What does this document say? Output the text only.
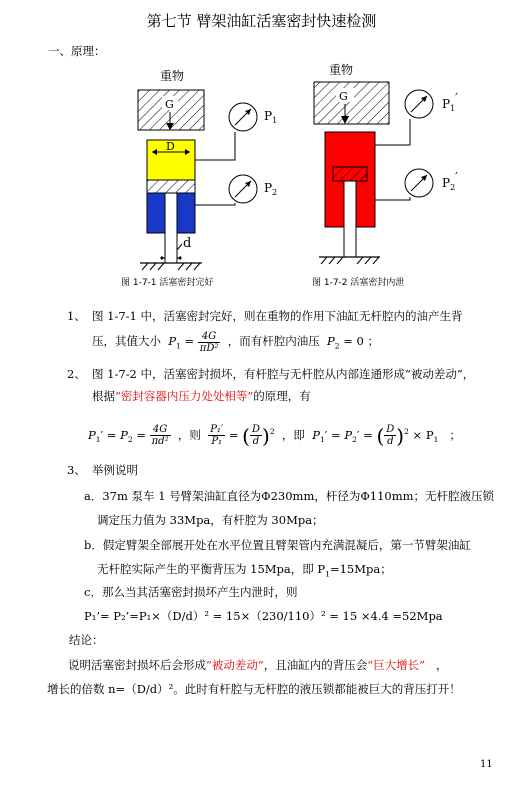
第七节 臂架油缸活塞密封快速检测
一、原理：
重物
G
D
d
$P_1$
$P_2$
图 1-7-1 活塞密封完好
重物
G
$P_1'$
$P_2'$
图 1-7-2 活塞密封内泄
1、 图 1-7-1 中，活塞密封完好，则在重物的作用下油缸无杆腔内的油产生背
压，其值大小 $P_1 = \frac{4G}{\text{πD²}}$ ，而有杆腔内油压 $P_2 = 0$ ；
2、 图 1-7-2 中，活塞密封损坏，有杆腔与无杆腔从内部连通形成“被动差动”，
根据“密封容器内压力处处相等”的原理，有
$P_1' = P_2 = \frac{4G}{\text{πd²}}$ ，则 $\frac{\text{P₁′}}{\text{P₁}}$ = ( $\frac{D}{d} )^2$ ，即 $P_1' = P_2'$ = ( $\frac{D}{d} )^2 \times P_1$ ；
3、 举例说明
a．37m 泵车 1 号臂架油缸直径为Φ230mm，杆径为Φ110mm；无杆腔液压锁
调定压力值为 33Mpa，有杆腔为 30Mpa；
b．假定臂架全部展开处在水平位置且臂架管内充满混凝后，第一节臂架油缸
无杆腔实际产生的平衡背压为 15Mpa，即 $P_1=15Mpa$；
c．那么当其活塞密封损坏产生内泄时，则
P₁’= P₂’=P₁×（D/d）² = 15×（230/110）² = 15 ×4.4 =52Mpa
结论：
说明活塞密封损坏后会形成“被动差动”，且油缸内的背压会“巨大增长” ，
增长的倍数 n=（D/d）²。此时有杆腔与无杆腔的液压锁都能被巨大的背压打开！
11
